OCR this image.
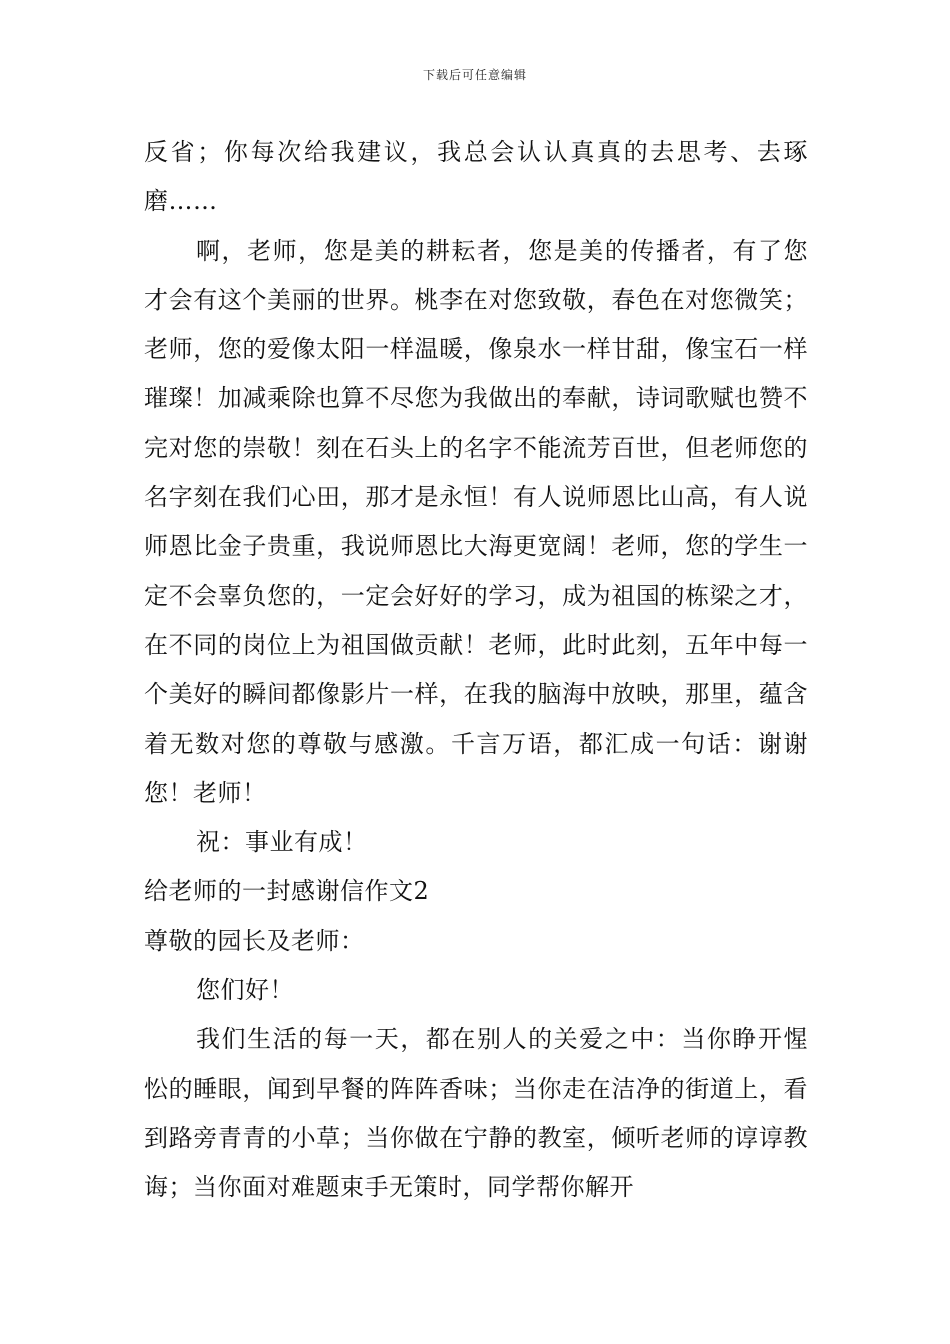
下载后可任意编辑

反省；你每次给我建议，我总会认认真真的去思考、去琢磨……

啊，老师，您是美的耕耘者，您是美的传播者，有了您才会有这个美丽的世界。桃李在对您致敬，春色在对您微笑；老师，您的爱像太阳一样温暖，像泉水一样甘甜，像宝石一样璀璨！加减乘除也算不尽您为我做出的奉献，诗词歌赋也赞不完对您的崇敬！刻在石头上的名字不能流芳百世，但老师您的名字刻在我们心田，那才是永恒！有人说师恩比山高，有人说师恩比金子贵重，我说师恩比大海更宽阔！老师，您的学生一定不会辜负您的，一定会好好的学习，成为祖国的栋梁之才，在不同的岗位上为祖国做贡献！老师，此时此刻，五年中每一个美好的瞬间都像影片一样，在我的脑海中放映，那里，蕴含着无数对您的尊敬与感激。千言万语，都汇成一句话：谢谢您！老师！

祝：事业有成！

给老师的一封感谢信作文2

尊敬的园长及老师：

您们好！

我们生活的每一天，都在别人的关爱之中：当你睁开惺忪的睡眼，闻到早餐的阵阵香味；当你走在洁净的街道上，看到路旁青青的小草；当你做在宁静的教室，倾听老师的谆谆教诲；当你面对难题束手无策时，同学帮你解开
